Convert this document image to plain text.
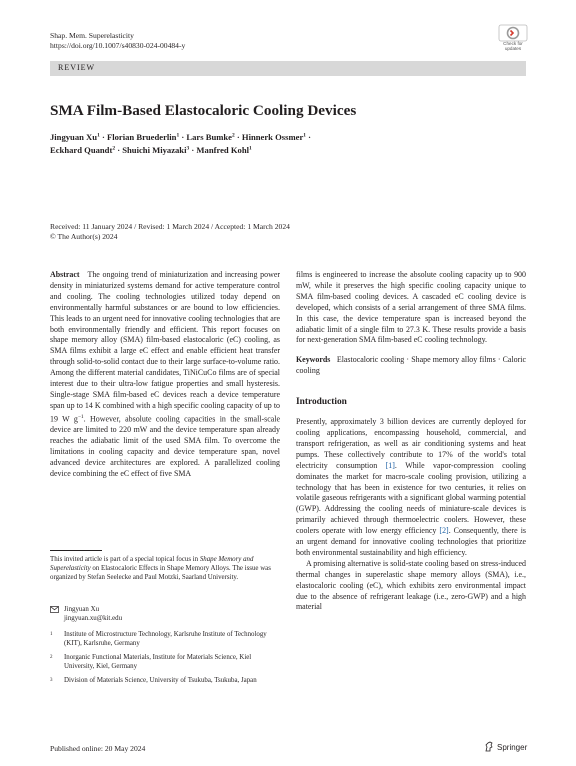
Shap. Mem. Superelasticity
https://doi.org/10.1007/s40830-024-00484-y	Check for updates
REVIEW
SMA Film-Based Elastocaloric Cooling Devices
Jingyuan $Xu^1$ · Florian Bruederlin$^1$ · Lars Bumke$^2$ · Hinnerk Ossmer$^1$ ·
Eckhard Quandt$^2$ · Shuichi Miyazaki$^3$ · Manfred Kohl$^1$
Received: 11 January 2024 / Revised: 1 March 2024 / Accepted: 1 March 2024
© The Author(s) 2024

Abstract The ongoing trend of miniaturization and increasing power density in miniaturized systems demand for active temperature control and cooling. The cooling technologies utilized today depend on environmentally harmful substances or are bound to low efficiencies. This leads to an urgent need for innovative cooling technologies that are both environmentally friendly and efficient. This report focuses on shape memory alloy (SMA) film-based elastocaloric (eC) cooling, as SMA films exhibit a large eC effect and enable efficient heat transfer through solid-to-solid contact due to their large surface-to-volume ratio. Among the different material candidates, TiNiCuCo films are of special interest due to their ultra-low fatigue properties and small hysteresis. Single-stage SMA film-based eC devices reach a device temperature span up to 14 K combined with a high specific cooling capacity of up to 19 W $g^{-1}$. However, absolute cooling capacities in the small-scale device are limited to 220 mW and the device temperature span already reaches the adiabatic limit of the used SMA film. To overcome the limitations in cooling capacity and device temperature span, novel advanced device architectures are explored. A parallelized cooling device combining the eC effect of five SMA

This invited article is part of a special topical focus in Shape Memory and Superelasticity on Elastocaloric Effects in Shape Memory Alloys. The issue was organized by Stefan Seelecke and Paul Motzki, Saarland University.
Jingyuan Xu
jingyuan.xu@kit.edu
1	Institute of Microstructure Technology, Karlsruhe Institute of Technology (KIT), Karlsruhe, Germany
2	Inorganic Functional Materials, Institute for Materials Science, Kiel University, Kiel, Germany
3	Division of Materials Science, University of Tsukuba, Tsukuba, Japan

films is engineered to increase the absolute cooling capacity up to 900 mW, while it preserves the high specific cooling capacity unique to SMA film-based cooling devices. A cascaded eC cooling device is developed, which consists of a serial arrangement of three SMA films. In this case, the device temperature span is increased beyond the adiabatic limit of a single film to 27.3 K. These results provide a basis for next-generation SMA film-based eC cooling technology.

Keywords Elastocaloric cooling · Shape memory alloy films · Caloric cooling

Introduction

Presently, approximately 3 billion devices are currently deployed for cooling applications, encompassing household, commercial, and transport refrigeration, as well as air conditioning systems and heat pumps. These collectively contribute to 17% of the world's total electricity consumption [1]. While vapor-compression cooling dominates the market for macro-scale cooling provision, utilizing a technology that has been in existence for two centuries, it relies on volatile gaseous refrigerants with a significant global warming potential (GWP). Addressing the cooling needs of miniature-scale devices is primarily achieved through thermoelectric coolers. However, these coolers operate with low energy efficiency [2]. Consequently, there is an urgent demand for innovative cooling technologies that prioritize both environmental sustainability and high efficiency.

A promising alternative is solid-state cooling based on stress-induced thermal changes in superelastic shape memory alloys (SMA), i.e., elastocaloric cooling (eC), which exhibits zero environmental impact due to the absence of refrigerant leakage (i.e., zero-GWP) and a high material

Published online: 20 May 2024	Springer
